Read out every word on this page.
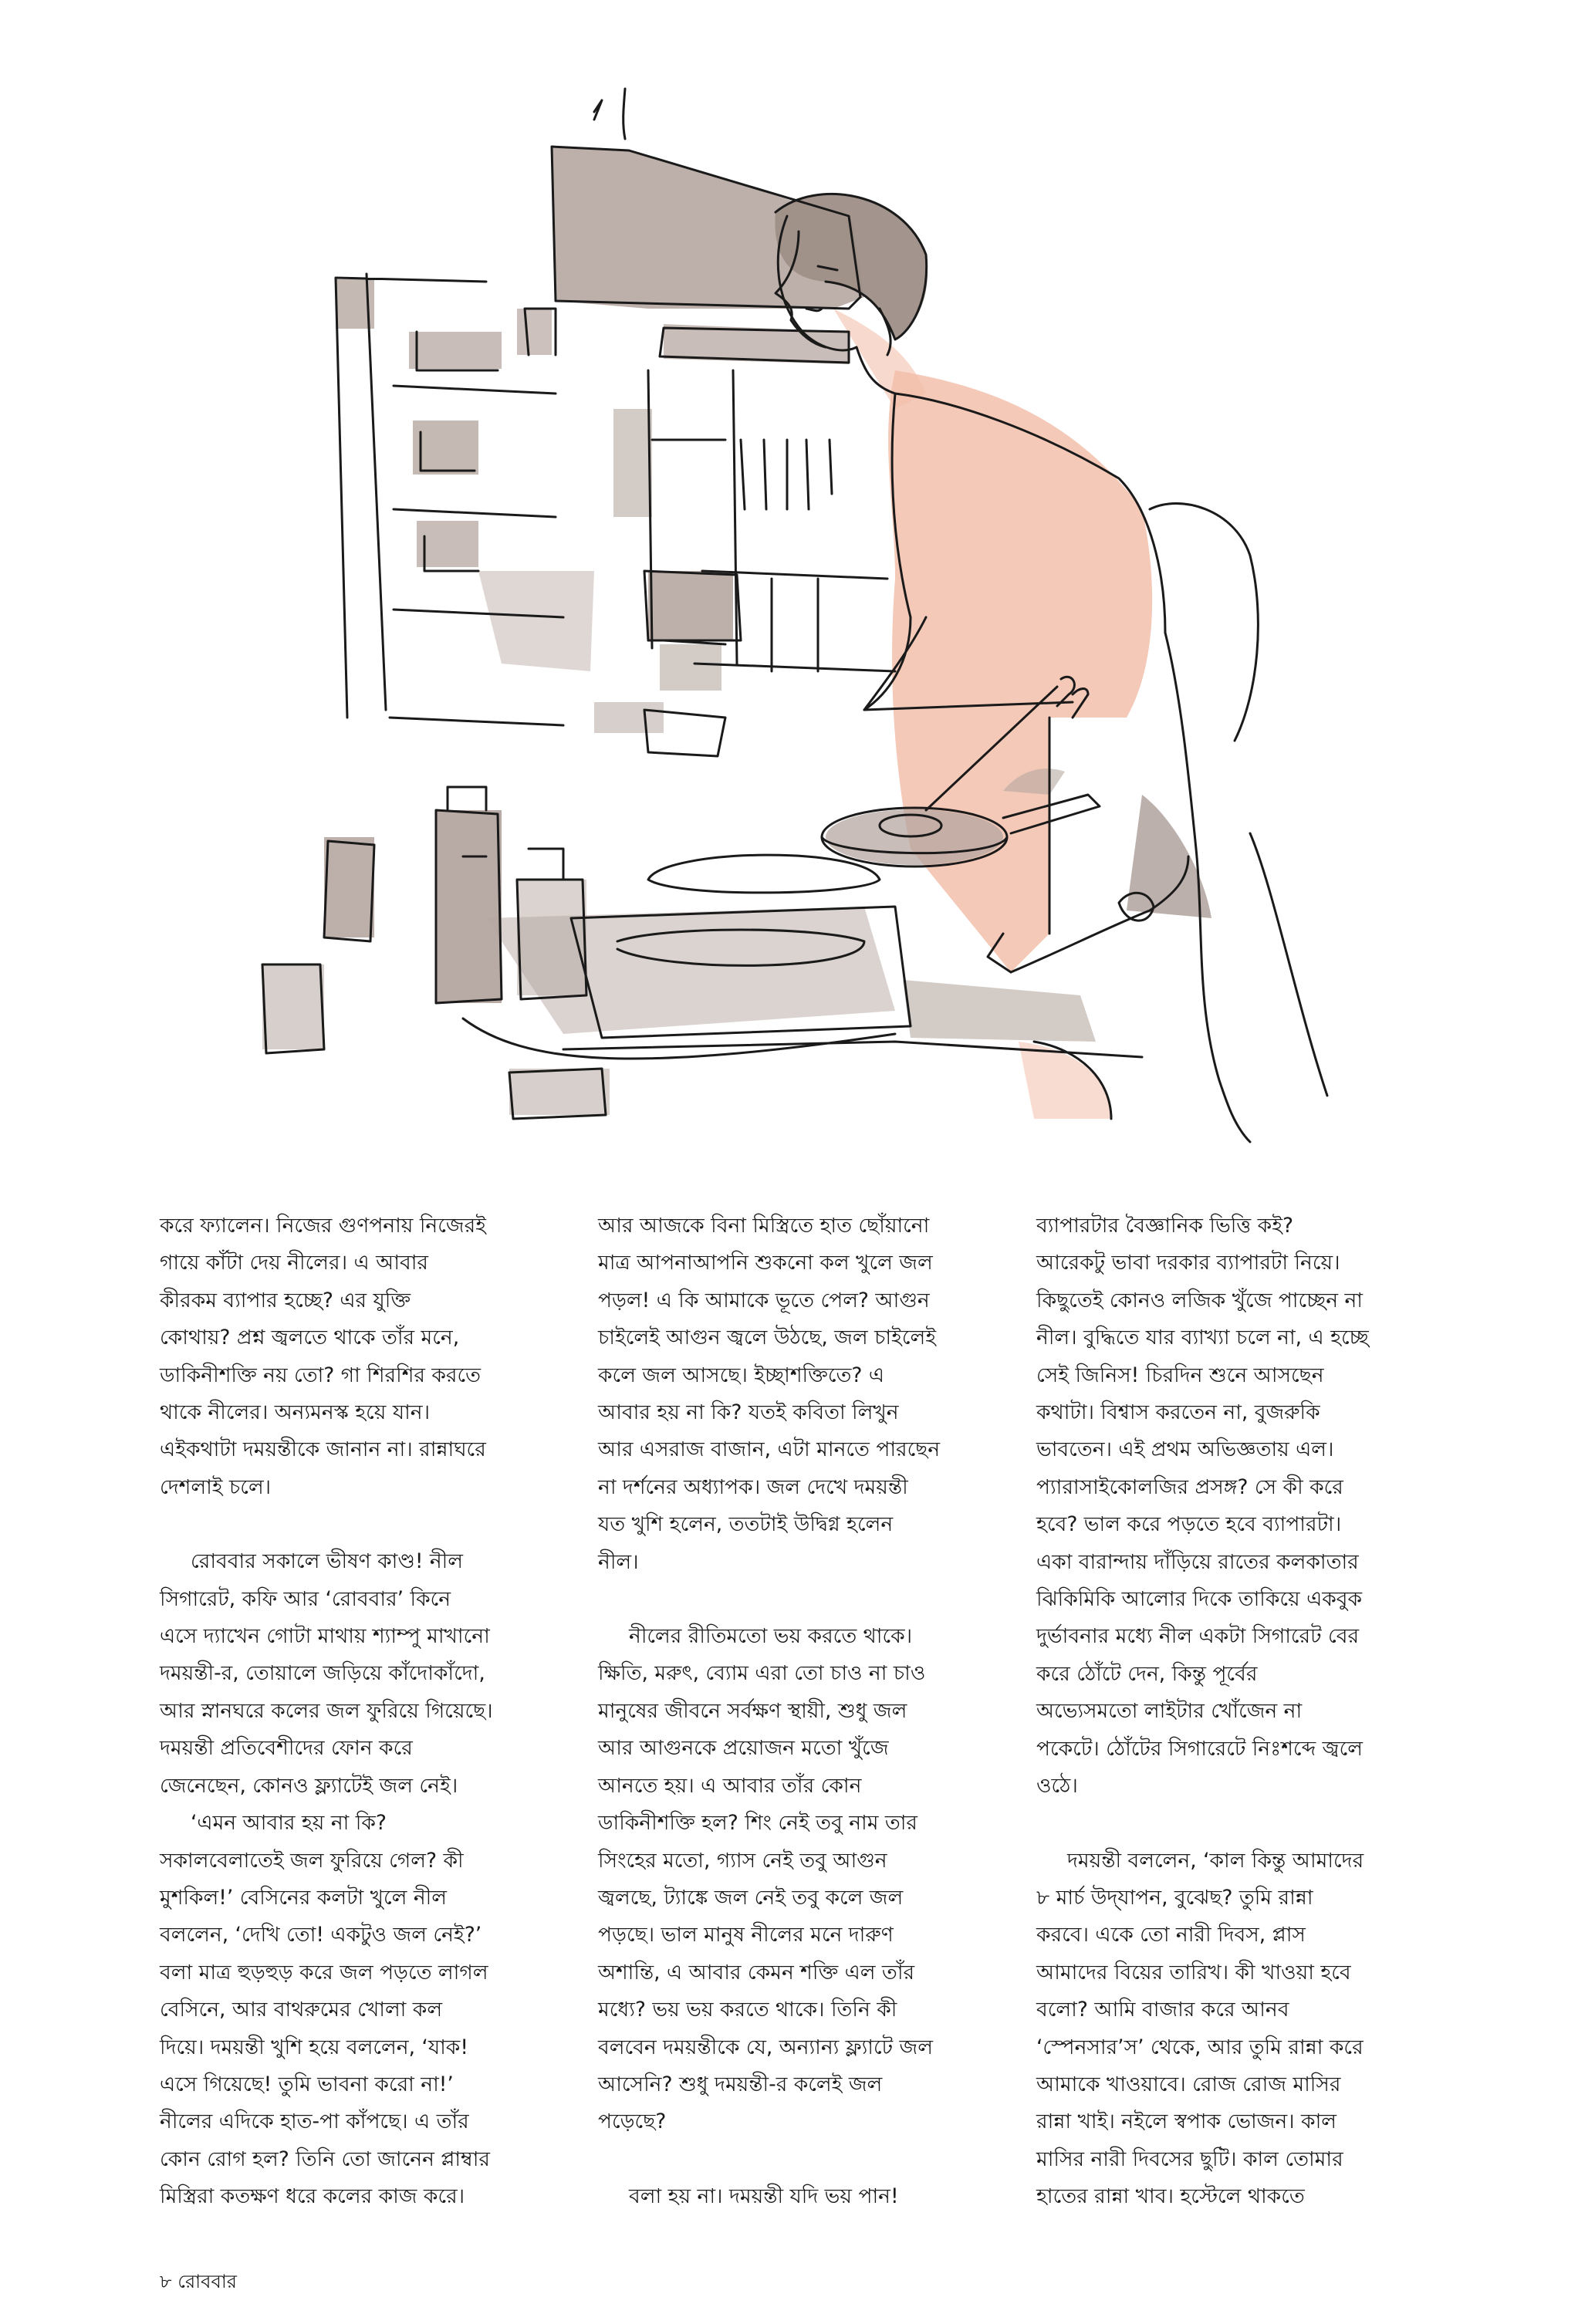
করে ফ্যালেন। নিজের গুণপনায় নিজেরই

গায়ে কাঁটা দেয় নীলের। এ আবার

কীরকম ব্যাপার হচ্ছে? এর যুক্তি

কোথায়? প্রশ্ন জ্বলতে থাকে তাঁর মনে,

ডাকিনীশক্তি নয় তো? গা শিরশির করতে

থাকে নীলের। অন্যমনস্ক হয়ে যান।

এইকথাটা দময়ন্তীকে জানান না। রান্নাঘরে

দেশলাই চলে।

রোববার সকালে ভীষণ কাণ্ড! নীল

সিগারেট, কফি আর ‘রোববার’ কিনে

এসে দ্যাখেন গোটা মাথায় শ্যাম্পু মাখানো

দময়ন্তী-র, তোয়ালে জড়িয়ে কাঁদোকাঁদো,

আর স্নানঘরে কলের জল ফুরিয়ে গিয়েছে।

দময়ন্তী প্রতিবেশীদের ফোন করে

জেনেছেন, কোনও ফ্ল্যাটেই জল নেই।

‘এমন আবার হয় না কি?

সকালবেলাতেই জল ফুরিয়ে গেল? কী

মুশকিল!’ বেসিনের কলটা খুলে নীল

বললেন, ‘দেখি তো! একটুও জল নেই?’

বলা মাত্র হুড়হুড় করে জল পড়তে লাগল

বেসিনে, আর বাথরুমের খোলা কল

দিয়ে। দময়ন্তী খুশি হয়ে বললেন, ‘যাক!

এসে গিয়েছে! তুমি ভাবনা করো না!’

নীলের এদিকে হাত-পা কাঁপছে। এ তাঁর

কোন রোগ হল? তিনি তো জানেন প্লাম্বার

মিস্ত্রিরা কতক্ষণ ধরে কলের কাজ করে।

আর আজকে বিনা মিস্ত্রিতে হাত ছোঁয়ানো

মাত্র আপনাআপনি শুকনো কল খুলে জল

পড়ল! এ কি আমাকে ভূতে পেল? আগুন

চাইলেই আগুন জ্বলে উঠছে, জল চাইলেই

কলে জল আসছে। ইচ্ছাশক্তিতে? এ

আবার হয় না কি? যতই কবিতা লিখুন

আর এসরাজ বাজান, এটা মানতে পারছেন

না দর্শনের অধ্যাপক। জল দেখে দময়ন্তী

যত খুশি হলেন, ততটাই উদ্বিগ্ন হলেন

নীল।

নীলের রীতিমতো ভয় করতে থাকে।

ক্ষিতি, মরুৎ, ব্যোম এরা তো চাও না চাও

মানুষের জীবনে সর্বক্ষণ স্থায়ী, শুধু জল

আর আগুনকে প্রয়োজন মতো খুঁজে

আনতে হয়। এ আবার তাঁর কোন

ডাকিনীশক্তি হল? শিং নেই তবু নাম তার

সিংহের মতো, গ্যাস নেই তবু আগুন

জ্বলছে, ট্যাঙ্কে জল নেই তবু কলে জল

পড়ছে। ভাল মানুষ নীলের মনে দারুণ

অশান্তি, এ আবার কেমন শক্তি এল তাঁর

মধ্যে? ভয় ভয় করতে থাকে। তিনি কী

বলবেন দময়ন্তীকে যে, অন্যান্য ফ্ল্যাটে জল

আসেনি? শুধু দময়ন্তী-র কলেই জল

পড়েছে?

বলা হয় না। দময়ন্তী যদি ভয় পান!

ব্যাপারটার বৈজ্ঞানিক ভিত্তি কই?

আরেকটু ভাবা দরকার ব্যাপারটা নিয়ে।

কিছুতেই কোনও লজিক খুঁজে পাচ্ছেন না

নীল। বুদ্ধিতে যার ব্যাখ্যা চলে না, এ হচ্ছে

সেই জিনিস! চিরদিন শুনে আসছেন

কথাটা। বিশ্বাস করতেন না, বুজরুকি

ভাবতেন। এই প্রথম অভিজ্ঞতায় এল।

প্যারাসাইকোলজির প্রসঙ্গ? সে কী করে

হবে? ভাল করে পড়তে হবে ব্যাপারটা।

একা বারান্দায় দাঁড়িয়ে রাতের কলকাতার

ঝিকিমিকি আলোর দিকে তাকিয়ে একবুক

দুর্ভাবনার মধ্যে নীল একটা সিগারেট বের

করে ঠোঁটে দেন, কিন্তু পূর্বের

অভ্যেসমতো লাইটার খোঁজেন না

পকেটে। ঠোঁটের সিগারেটে নিঃশব্দে জ্বলে

ওঠে।

দময়ন্তী বললেন, ‘কাল কিন্তু আমাদের

৮ মার্চ উদ্‌যাপন, বুঝেছ? তুমি রান্না

করবে। একে তো নারী দিবস, প্লাস

আমাদের বিয়ের তারিখ। কী খাওয়া হবে

বলো? আমি বাজার করে আনব

‘স্পেনসার’স’ থেকে, আর তুমি রান্না করে

আমাকে খাওয়াবে। রোজ রোজ মাসির

রান্না খাই। নইলে স্বপাক ভোজন। কাল

মাসির নারী দিবসের ছুটি। কাল তোমার

হাতের রান্না খাব। হস্টেলে থাকতে

৮ রোববার
